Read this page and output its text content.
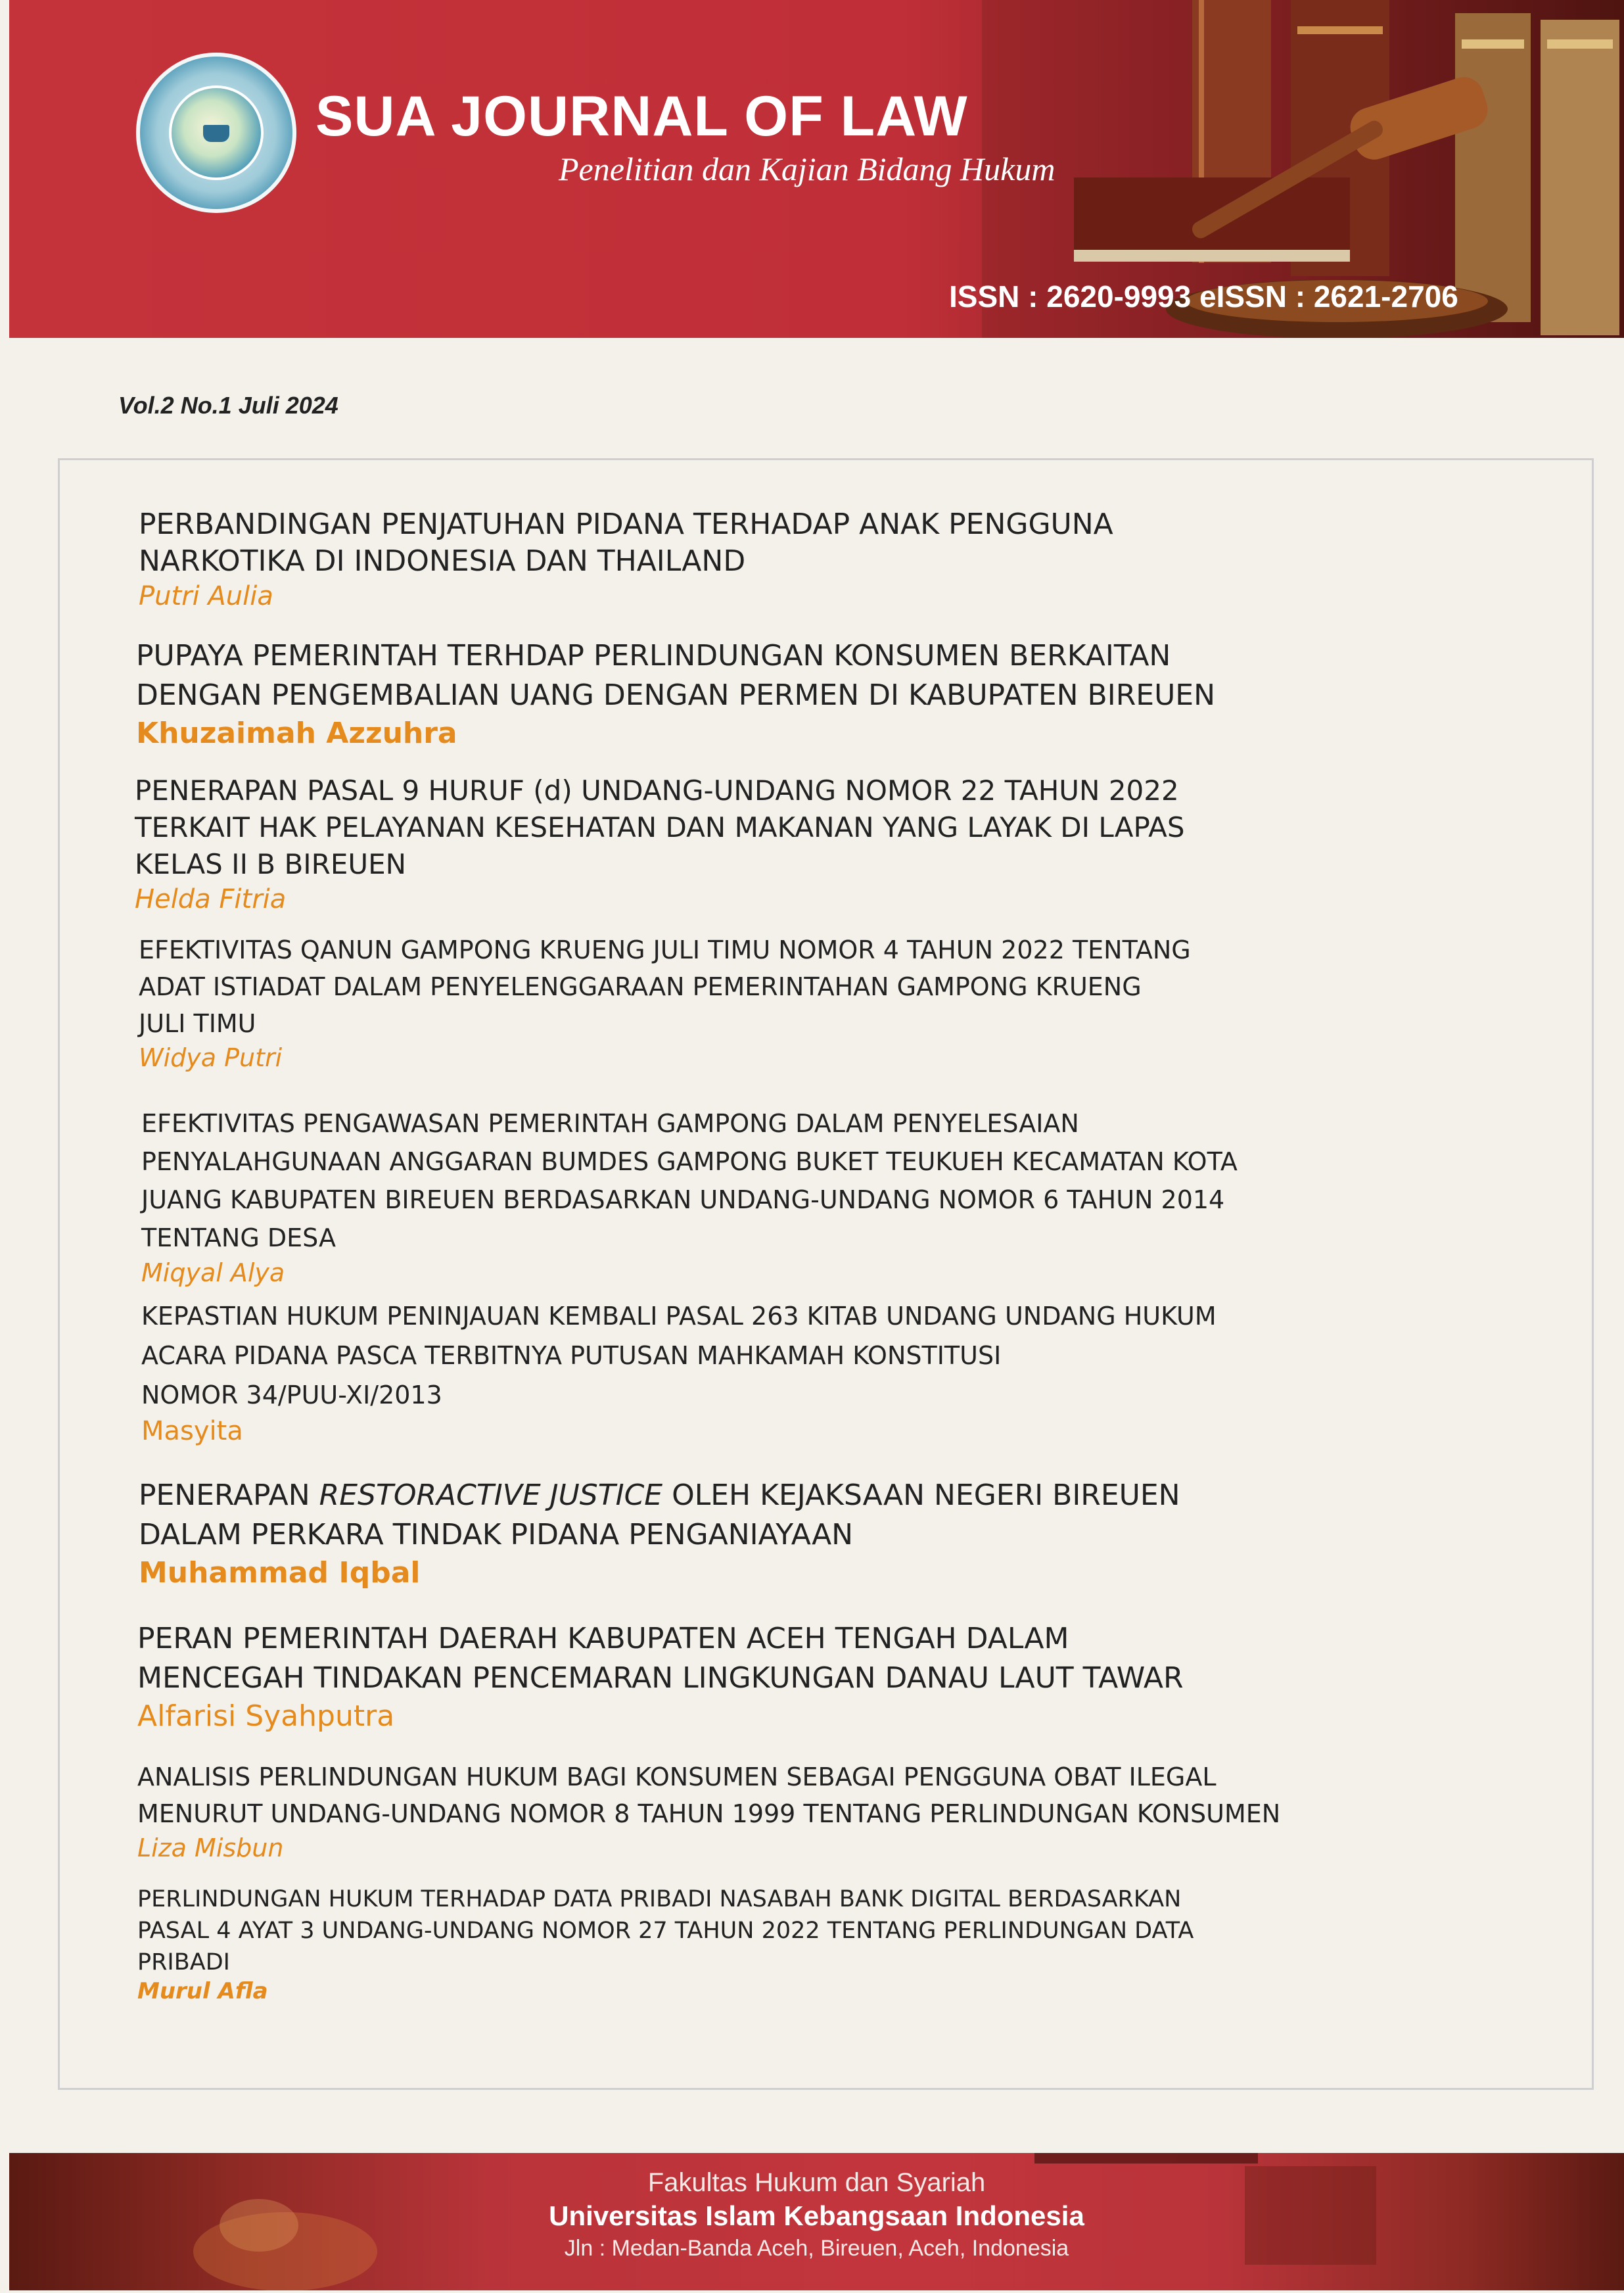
SUA JOURNAL OF LAW
Penelitian dan Kajian Bidang Hukum
ISSN : 2620-9993 eISSN : 2621-2706
Vol.2 No.1 Juli 2024
PERBANDINGAN PENJATUHAN PIDANA TERHADAP ANAK PENGGUNA
NARKOTIKA DI INDONESIA DAN THAILAND
Putri Aulia
PUPAYA PEMERINTAH TERHDAP PERLINDUNGAN KONSUMEN BERKAITAN
DENGAN PENGEMBALIAN UANG DENGAN PERMEN DI KABUPATEN BIREUEN
Khuzaimah Azzuhra
PENERAPAN PASAL 9 HURUF (d) UNDANG-UNDANG NOMOR 22 TAHUN 2022
TERKAIT HAK PELAYANAN KESEHATAN DAN MAKANAN YANG LAYAK DI LAPAS
KELAS II B BIREUEN
Helda Fitria
EFEKTIVITAS QANUN GAMPONG KRUENG JULI TIMU NOMOR 4 TAHUN 2022 TENTANG
ADAT ISTIADAT DALAM PENYELENGGARAAN PEMERINTAHAN GAMPONG KRUENG
JULI TIMU
Widya Putri
EFEKTIVITAS PENGAWASAN PEMERINTAH GAMPONG DALAM PENYELESAIAN
PENYALAHGUNAAN ANGGARAN BUMDES GAMPONG BUKET TEUKUEH KECAMATAN KOTA
JUANG KABUPATEN BIREUEN BERDASARKAN UNDANG-UNDANG NOMOR 6 TAHUN 2014
TENTANG DESA
Miqyal Alya
KEPASTIAN HUKUM PENINJAUAN KEMBALI PASAL 263 KITAB UNDANG UNDANG HUKUM
ACARA PIDANA PASCA TERBITNYA PUTUSAN MAHKAMAH KONSTITUSI
NOMOR 34/PUU-XI/2013
Masyita
PENERAPAN RESTORACTIVE JUSTICE OLEH KEJAKSAAN NEGERI BIREUEN
DALAM PERKARA TINDAK PIDANA PENGANIAYAAN
Muhammad Iqbal
PERAN PEMERINTAH DAERAH KABUPATEN ACEH TENGAH DALAM
MENCEGAH TINDAKAN PENCEMARAN LINGKUNGAN DANAU LAUT TAWAR
Alfarisi Syahputra
ANALISIS PERLINDUNGAN HUKUM BAGI KONSUMEN SEBAGAI PENGGUNA OBAT ILEGAL
MENURUT UNDANG-UNDANG NOMOR 8 TAHUN 1999 TENTANG PERLINDUNGAN KONSUMEN
Liza Misbun
PERLINDUNGAN HUKUM TERHADAP DATA PRIBADI NASABAH BANK DIGITAL BERDASARKAN
PASAL 4 AYAT 3 UNDANG-UNDANG NOMOR 27 TAHUN 2022 TENTANG PERLINDUNGAN DATA
PRIBADI
Murul Afla
Fakultas Hukum dan Syariah
Universitas Islam Kebangsaan Indonesia
Jln : Medan-Banda Aceh, Bireuen, Aceh, Indonesia
